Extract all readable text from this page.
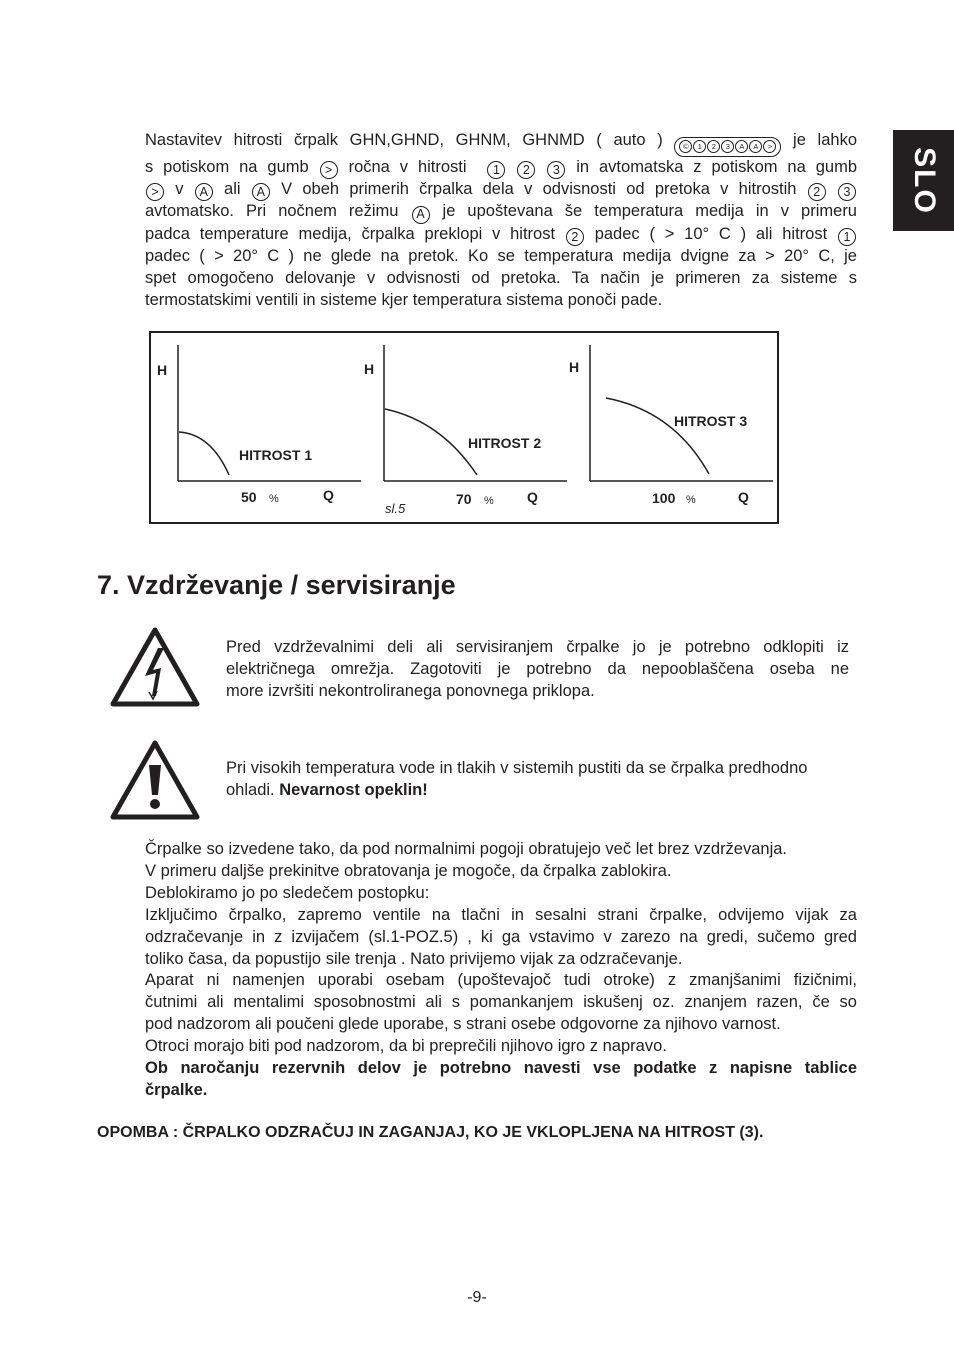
SLO
Nastavitev hitrosti črpalk GHN,GHND, GHNM, GHNMD ( auto )	©	1	2	3	A	A	> je lahko
s potiskom na gumb > ročna v hitrosti 1 2 3 in avtomatska z potiskom na gumb
> v A ali A V obeh primerih črpalka dela v odvisnosti od pretoka v hitrostih 2 3
avtomatsko. Pri nočnem režimu A je upoštevana še temperatura medija in v primeru
padca temperature medija, črpalka preklopi v hitrost 2 padec ( > 10° C ) ali hitrost 1
padec ( > 20° C ) ne glede na pretok. Ko se temperatura medija dvigne za > 20° C, je
spet omogočeno delovanje v odvisnosti od pretoka. Ta način je primeren za sisteme s
termostatskimi ventili in sisteme kjer temperatura sistema ponoči pade.
H
HITROST 1
50 %	Q
H
HITROST 2
70 % Q
sl.5
H
HITROST 3
100 %	Q
7. Vzdrževanje / servisiranje
Pred vzdrževalnimi deli ali servisiranjem črpalke jo je potrebno odklopiti iz
električnega omrežja. Zagotoviti je potrebno da nepooblaščena oseba ne
more izvršiti nekontroliranega ponovnega priklopa.
Pri visokih temperatura vode in tlakih v sistemih pustiti da se črpalka predhodno
ohladi. Nevarnost opeklin!
Črpalke so izvedene tako, da pod normalnimi pogoji obratujejo več let brez vzdrževanja.
V primeru daljše prekinitve obratovanja je mogoče, da črpalka zablokira.
Deblokiramo jo po sledečem postopku:
Izključimo črpalko, zapremo ventile na tlačni in sesalni strani črpalke, odvijemo vijak za
odzračevanje in z izvijačem (sl.1-POZ.5) , ki ga vstavimo v zarezo na gredi, sučemo gred
toliko časa, da popustijo sile trenja . Nato privijemo vijak za odzračevanje.
Aparat ni namenjen uporabi osebam (upoštevajoč tudi otroke) z zmanjšanimi fizičnimi,
čutnimi ali mentalimi sposobnostmi ali s pomankanjem iskušenj oz. znanjem razen, če so
pod nadzorom ali poučeni glede uporabe, s strani osebe odgovorne za njihovo varnost.
Otroci morajo biti pod nadzorom, da bi preprečili njihovo igro z napravo.
Ob naročanju rezervnih delov je potrebno navesti vse podatke z napisne tablice
črpalke.
OPOMBA : ČRPALKO ODZRAČUJ IN ZAGANJAJ, KO JE VKLOPLJENA NA HITROST (3).
-9-
